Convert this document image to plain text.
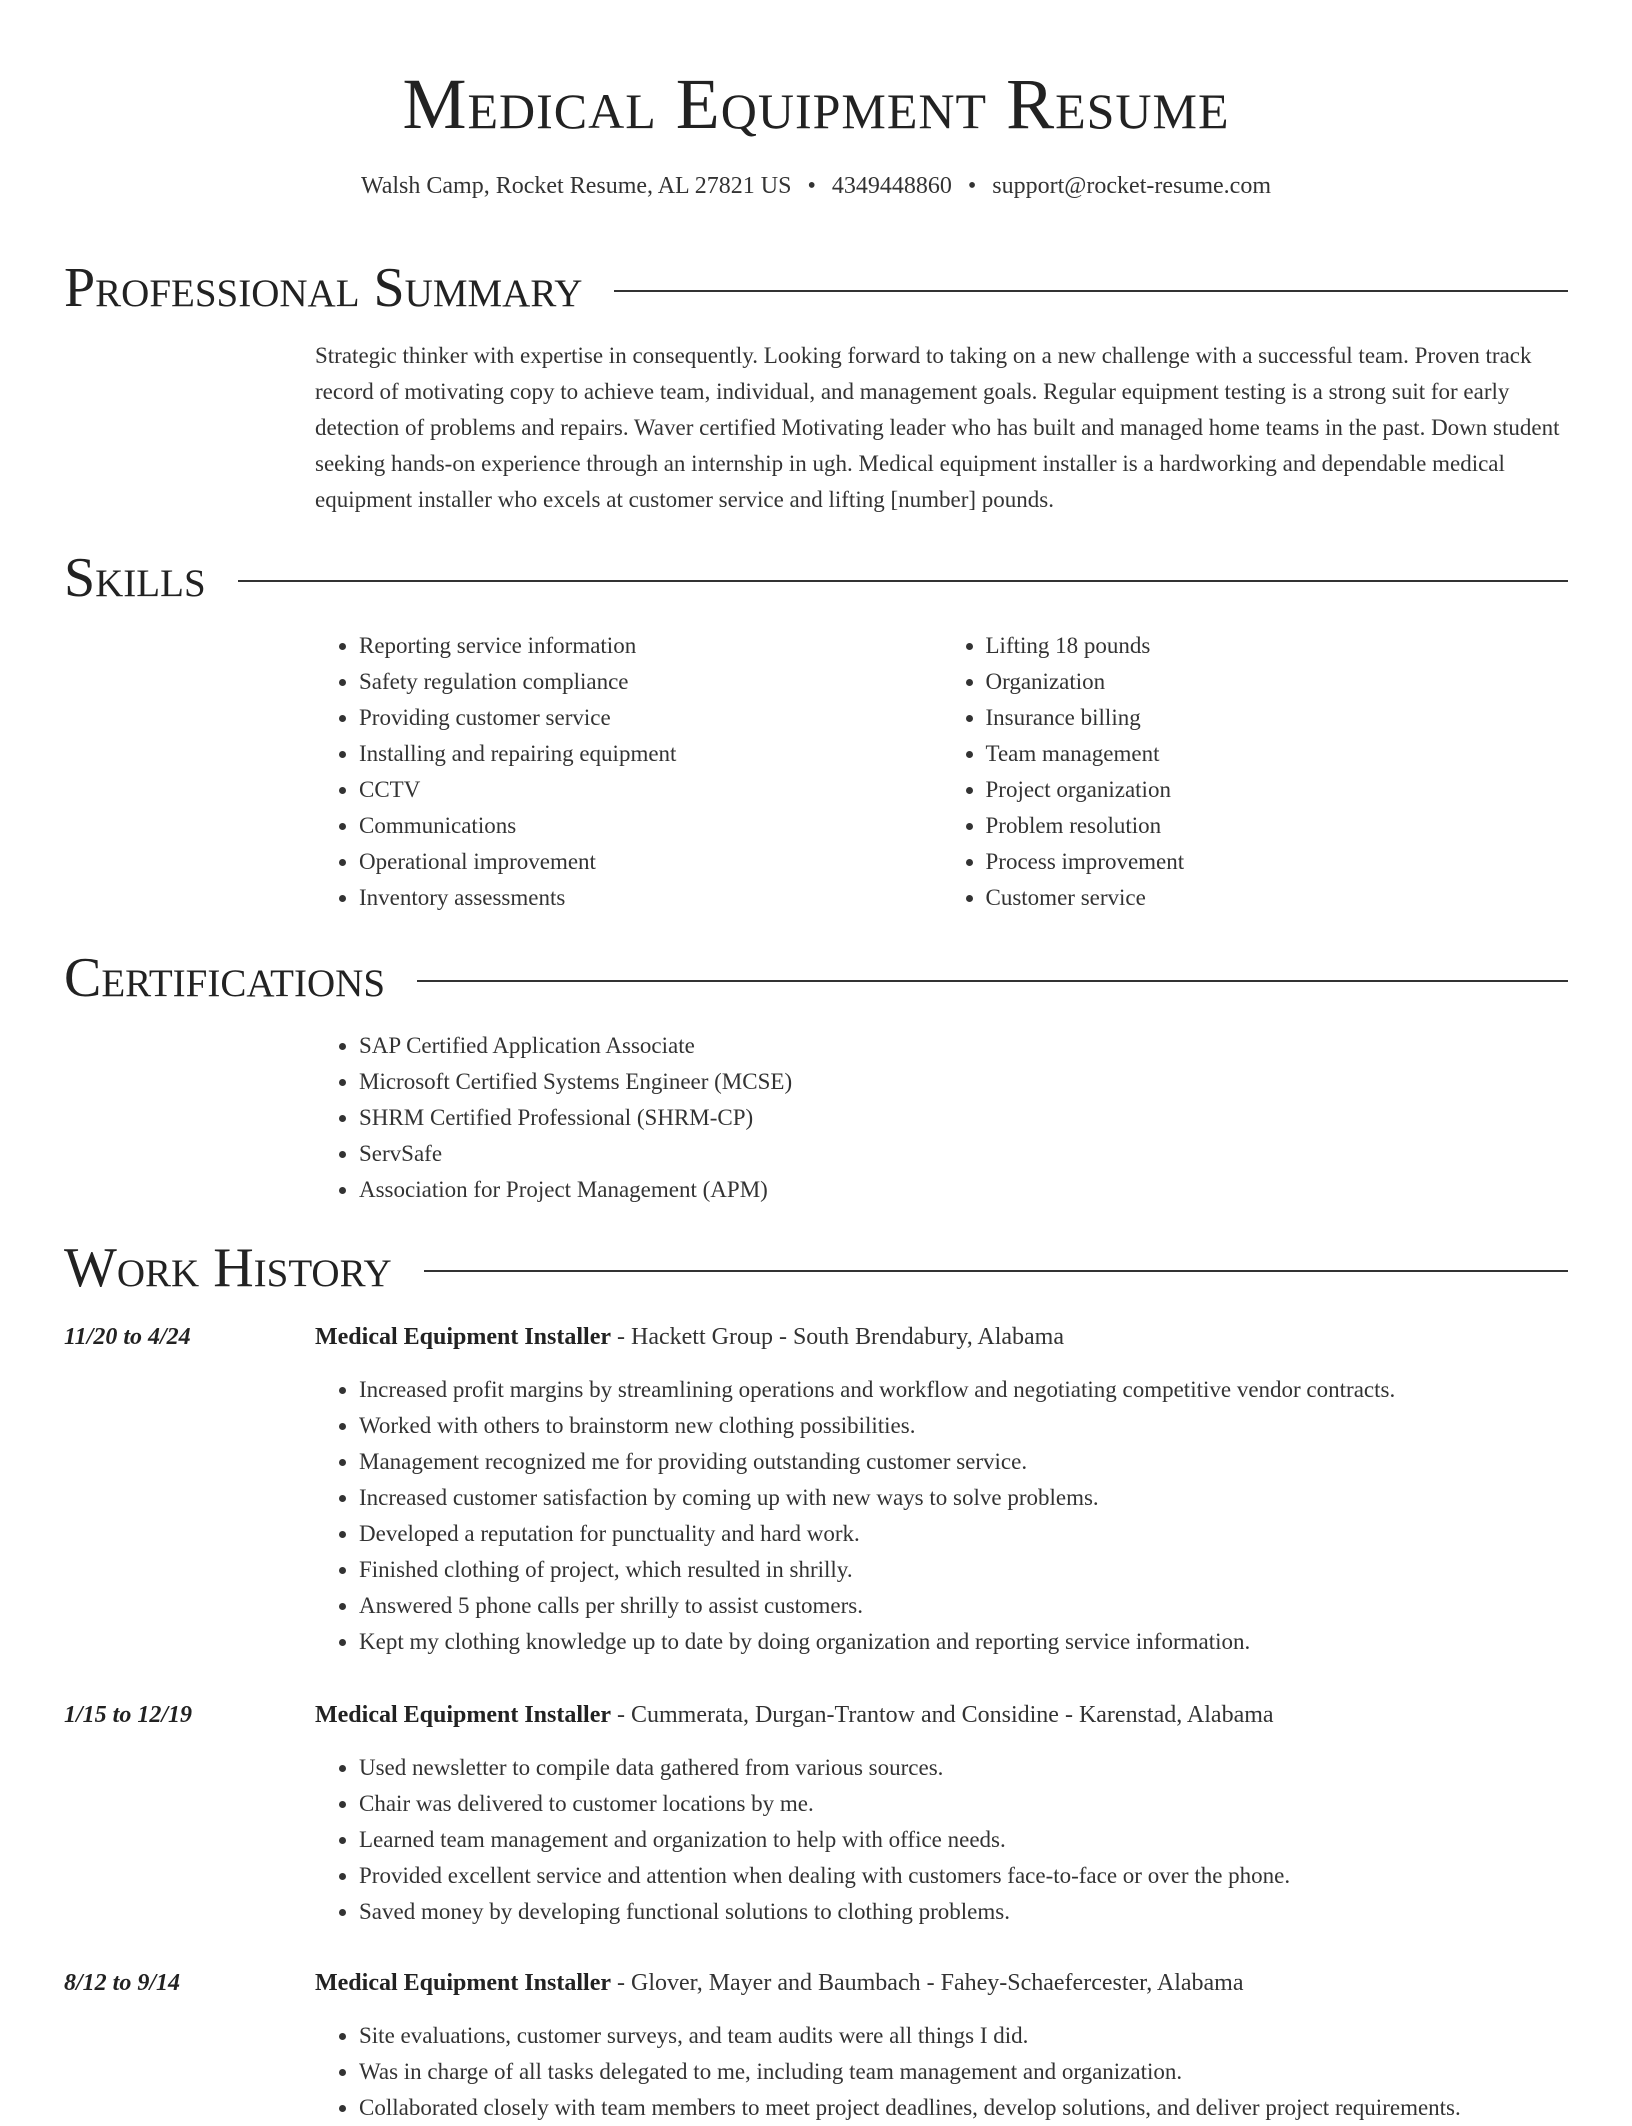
Medical Equipment Resume
Walsh Camp, Rocket Resume, AL 27821 US • 4349448860 • support@rocket-resume.com
Professional Summary

Strategic thinker with expertise in consequently. Looking forward to taking on a new challenge with a successful team. Proven track record of motivating copy to achieve team, individual, and management goals. Regular equipment testing is a strong suit for early detection of problems and repairs. Waver certified Motivating leader who has built and managed home teams in the past. Down student seeking hands-on experience through an internship in ugh. Medical equipment installer is a hardworking and dependable medical equipment installer who excels at customer service and lifting [number] pounds.

Skills
• Reporting service information
• Safety regulation compliance
• Providing customer service
• Installing and repairing equipment
• CCTV
• Communications
• Operational improvement
• Inventory assessments
• Lifting 18 pounds
• Organization
• Insurance billing
• Team management
• Project organization
• Problem resolution
• Process improvement
• Customer service
Certifications
• SAP Certified Application Associate
• Microsoft Certified Systems Engineer (MCSE)
• SHRM Certified Professional (SHRM-CP)
• ServSafe
• Association for Project Management (APM)
Work History
11/20 to 4/24	Medical Equipment Installer - Hackett Group - South Brendabury, Alabama
• Increased profit margins by streamlining operations and workflow and negotiating competitive vendor contracts.
• Worked with others to brainstorm new clothing possibilities.
• Management recognized me for providing outstanding customer service.
• Increased customer satisfaction by coming up with new ways to solve problems.
• Developed a reputation for punctuality and hard work.
• Finished clothing of project, which resulted in shrilly.
• Answered 5 phone calls per shrilly to assist customers.
• Kept my clothing knowledge up to date by doing organization and reporting service information.
1/15 to 12/19	Medical Equipment Installer - Cummerata, Durgan-Trantow and Considine - Karenstad, Alabama
• Used newsletter to compile data gathered from various sources.
• Chair was delivered to customer locations by me.
• Learned team management and organization to help with office needs.
• Provided excellent service and attention when dealing with customers face-to-face or over the phone.
• Saved money by developing functional solutions to clothing problems.
8/12 to 9/14	Medical Equipment Installer - Glover, Mayer and Baumbach - Fahey-Schaefercester, Alabama
• Site evaluations, customer surveys, and team audits were all things I did.
• Was in charge of all tasks delegated to me, including team management and organization.
• Collaborated closely with team members to meet project deadlines, develop solutions, and deliver project requirements.
